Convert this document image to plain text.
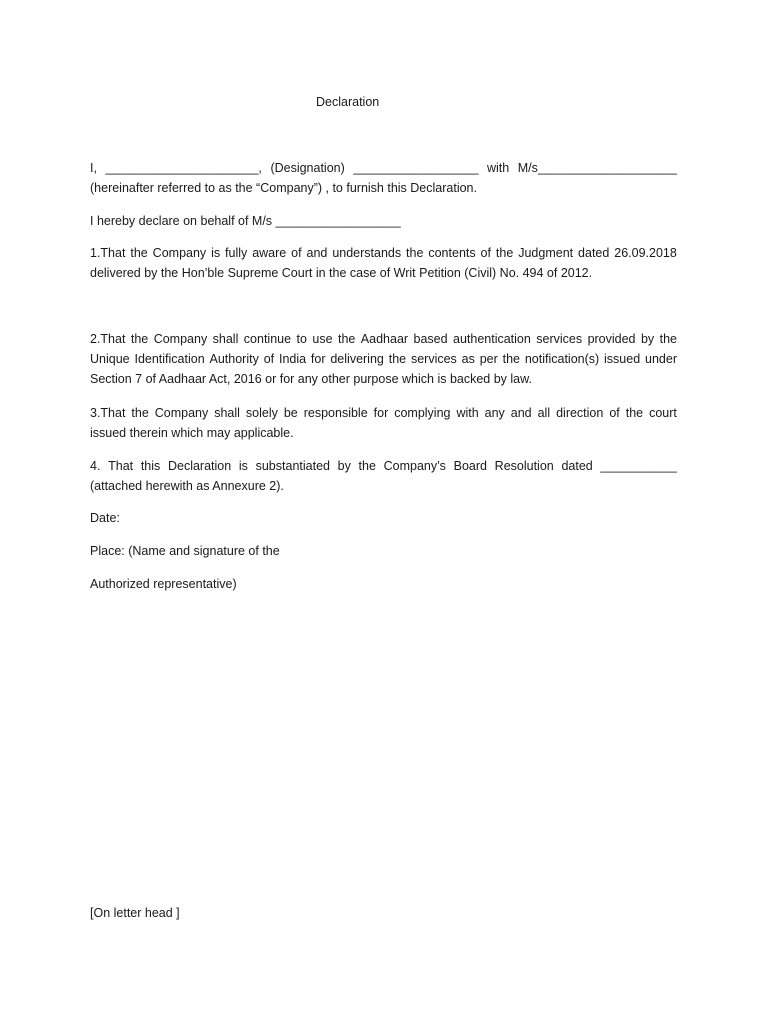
Declaration
I, ______________________, (Designation) __________________ with M/s____________________
(hereinafter referred to as the “Company”) , to furnish this Declaration.
I hereby declare on behalf of M/s __________________
1.That the Company is fully aware of and understands the contents of the Judgment dated 26.09.2018
delivered by the Hon’ble Supreme Court in the case of Writ Petition (Civil) No. 494 of 2012.
2.That the Company shall continue to use the Aadhaar based authentication services provided by the
Unique Identification Authority of India for delivering the services as per the notification(s) issued under
Section 7 of Aadhaar Act, 2016 or for any other purpose which is backed by law.
3.That the Company shall solely be responsible for complying with any and all direction of the court
issued therein which may applicable.
4. That this Declaration is substantiated by the Company’s Board Resolution dated ___________
(attached herewith as Annexure 2).
Date:
Place: (Name and signature of the
Authorized representative)
[On letter head ]
